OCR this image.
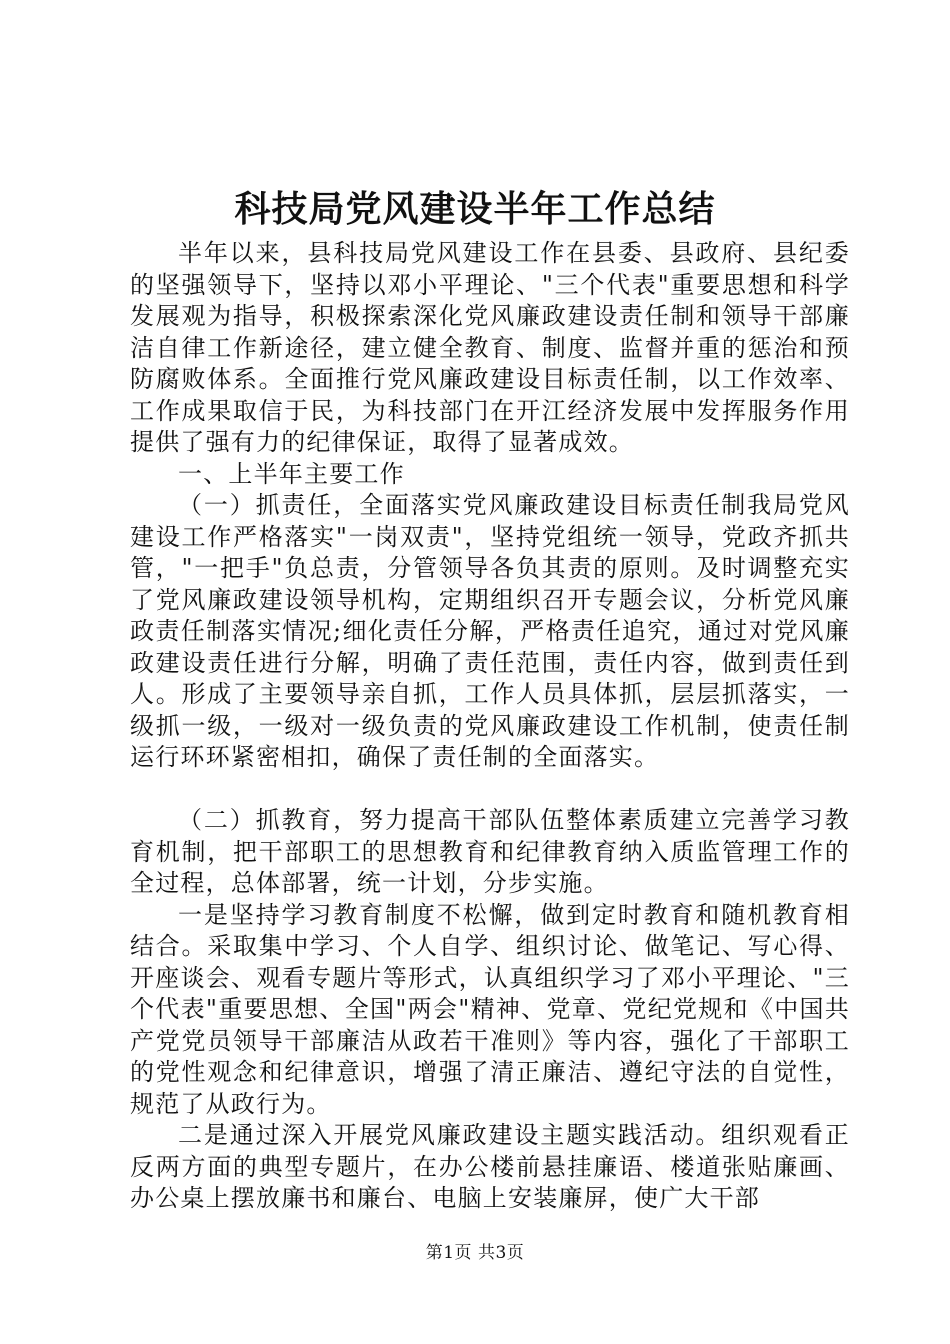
科技局党风建设半年工作总结

半年以来，县科技局党风建设工作在县委、县政府、县纪委的坚强领导下，坚持以邓小平理论、"三个代表"重要思想和科学发展观为指导，积极探索深化党风廉政建设责任制和领导干部廉洁自律工作新途径，建立健全教育、制度、监督并重的惩治和预防腐败体系。全面推行党风廉政建设目标责任制，以工作效率、工作成果取信于民，为科技部门在开江经济发展中发挥服务作用提供了强有力的纪律保证，取得了显著成效。

一、上半年主要工作

（一）抓责任，全面落实党风廉政建设目标责任制我局党风建设工作严格落实"一岗双责"，坚持党组统一领导，党政齐抓共管，"一把手"负总责，分管领导各负其责的原则。及时调整充实了党风廉政建设领导机构，定期组织召开专题会议，分析党风廉政责任制落实情况;细化责任分解，严格责任追究，通过对党风廉政建设责任进行分解，明确了责任范围，责任内容，做到责任到人。形成了主要领导亲自抓，工作人员具体抓，层层抓落实，一级抓一级，一级对一级负责的党风廉政建设工作机制，使责任制运行环环紧密相扣，确保了责任制的全面落实。

（二）抓教育，努力提高干部队伍整体素质建立完善学习教育机制，把干部职工的思想教育和纪律教育纳入质监管理工作的全过程，总体部署，统一计划，分步实施。

一是坚持学习教育制度不松懈，做到定时教育和随机教育相结合。采取集中学习、个人自学、组织讨论、做笔记、写心得、开座谈会、观看专题片等形式，认真组织学习了邓小平理论、"三个代表"重要思想、全国"两会"精神、党章、党纪党规和《中国共产党党员领导干部廉洁从政若干准则》等内容，强化了干部职工的党性观念和纪律意识，增强了清正廉洁、遵纪守法的自觉性，规范了从政行为。

二是通过深入开展党风廉政建设主题实践活动。组织观看正反两方面的典型专题片，在办公楼前悬挂廉语、楼道张贴廉画、办公桌上摆放廉书和廉台、电脑上安装廉屏，使广大干部

第1页 共3页
